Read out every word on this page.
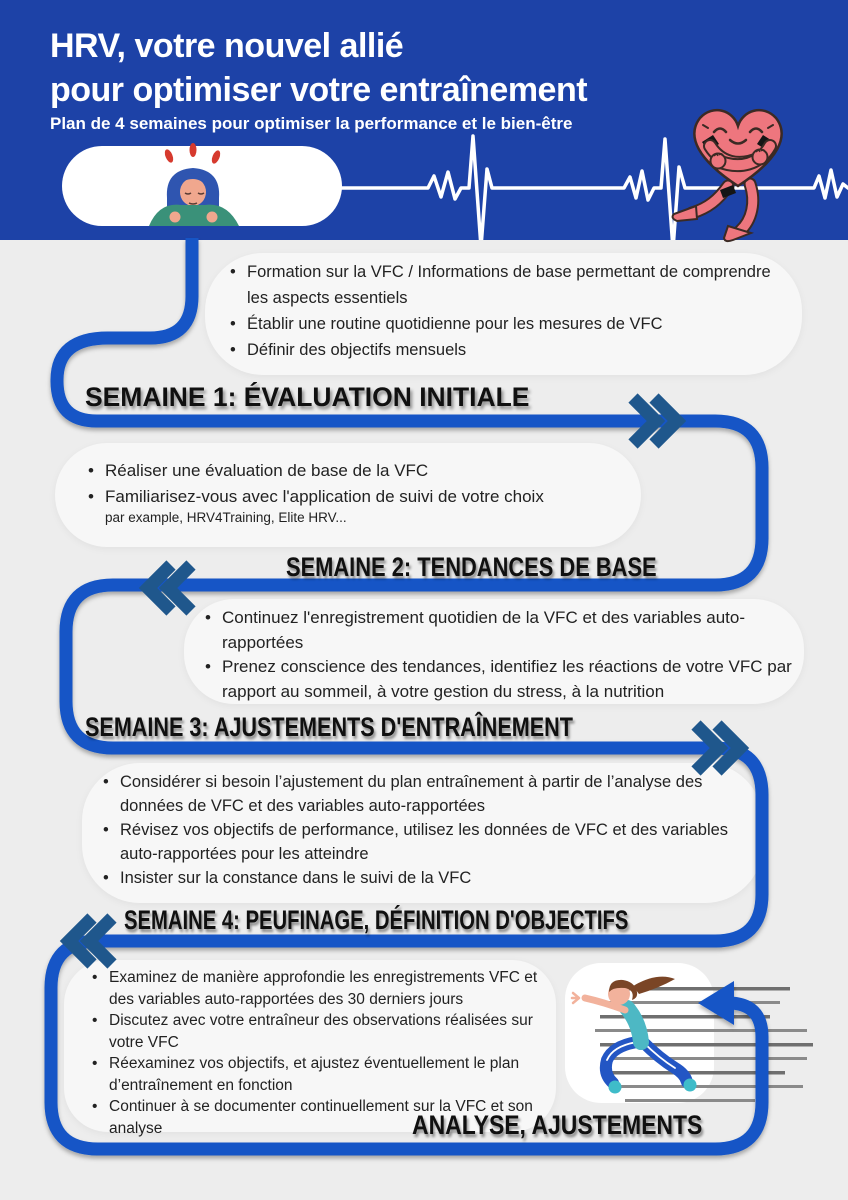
HRV, votre nouvel allié
pour optimiser votre entraînement
Plan de 4 semaines pour optimiser la performance et le bien-être
SEMAINE 1: ÉVALUATION INITIALE
SEMAINE 2: TENDANCES DE BASE
SEMAINE 3: AJUSTEMENTS D'ENTRAÎNEMENT
SEMAINE 4: PEUFINAGE, DÉFINITION D'OBJECTIFS
ANALYSE, AJUSTEMENTS
• Formation sur la VFC / Informations de base permettant de comprendre les aspects essentiels
• Établir une routine quotidienne pour les mesures de VFC
• Définir des objectifs mensuels
• Réaliser une évaluation de base de la VFC
• Familiarisez-vous avec l'application de suivi de votre choix
par example, HRV4Training, Elite HRV...
• Continuez l'enregistrement quotidien de la VFC et des variables auto-rapportées
• Prenez conscience des tendances, identifiez les réactions de votre VFC par rapport au sommeil, à votre gestion du stress, à la nutrition
• Considérer si besoin l’ajustement du plan entraînement à partir de l’analyse des données de VFC et des variables auto-rapportées
• Révisez vos objectifs de performance, utilisez les données de VFC et des variables auto-rapportées pour les atteindre
• Insister sur la constance dans le suivi de la VFC
• Examinez de manière approfondie les enregistrements VFC et des variables auto-rapportées des 30 derniers jours
• Discutez avec votre entraîneur des observations réalisées sur votre VFC
• Réexaminez vos objectifs, et ajustez éventuellement le plan d’entraînement en fonction
• Continuer à se documenter continuellement sur la VFC et son analyse
